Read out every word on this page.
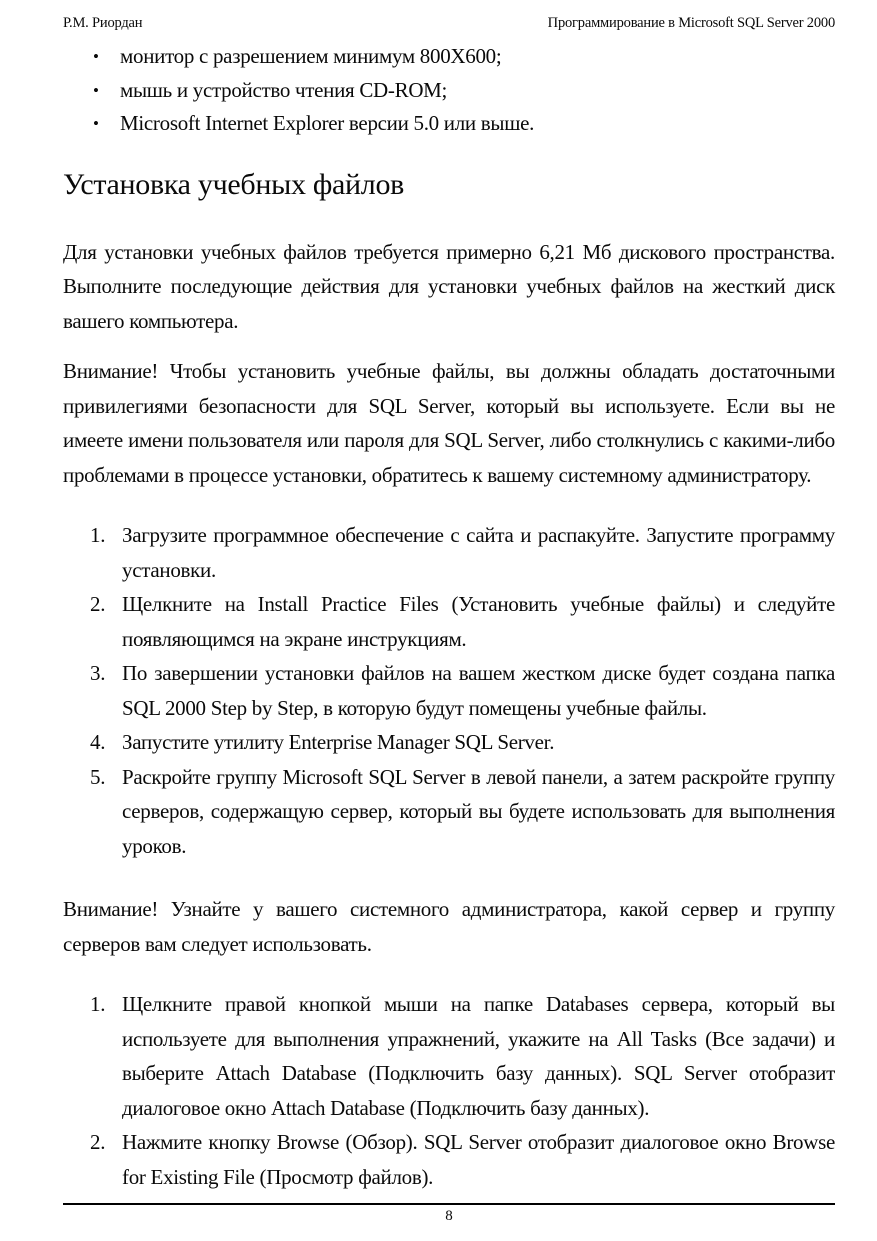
Р.М. Риордан	Программирование в Microsoft SQL Server 2000
•	монитор с разрешением минимум 800X600;
•	мышь и устройство чтения CD-ROM;
•	Microsoft Internet Explorer версии 5.0 или выше.
Установка учебных файлов

Для установки учебных файлов требуется примерно 6,21 Мб дискового пространства. Выполните последующие действия для установки учебных файлов на жесткий диск вашего компьютера.

Внимание! Чтобы установить учебные файлы, вы должны обладать достаточными привилегиями безопасности для SQL Server, который вы используете. Если вы не имеете имени пользователя или пароля для SQL Server, либо столкнулись с какими-либо проблемами в процессе установки, обратитесь к вашему системному администратору.

1. Загрузите программное обеспечение с сайта и распакуйте. Запустите программу установки.
2. Щелкните на Install Practice Files (Установить учебные файлы) и следуйте появляющимся на экране инструкциям.
3. По завершении установки файлов на вашем жестком диске будет создана папка SQL 2000 Step by Step, в которую будут помещены учебные файлы.
4. Запустите утилиту Enterprise Manager SQL Server.
5. Раскройте группу Microsoft SQL Server в левой панели, а затем раскройте группу серверов, содержащую сервер, который вы будете использовать для выполнения уроков.

Внимание! Узнайте у вашего системного администратора, какой сервер и группу серверов вам следует использовать.

1. Щелкните правой кнопкой мыши на папке Databases сервера, который вы используете для выполнения упражнений, укажите на All Tasks (Все задачи) и выберите Attach Database (Подключить базу данных). SQL Server отобразит диалоговое окно Attach Database (Подключить базу данных).
2. Нажмите кнопку Browse (Обзор). SQL Server отобразит диалоговое окно Browse for Existing File (Просмотр файлов).
8
